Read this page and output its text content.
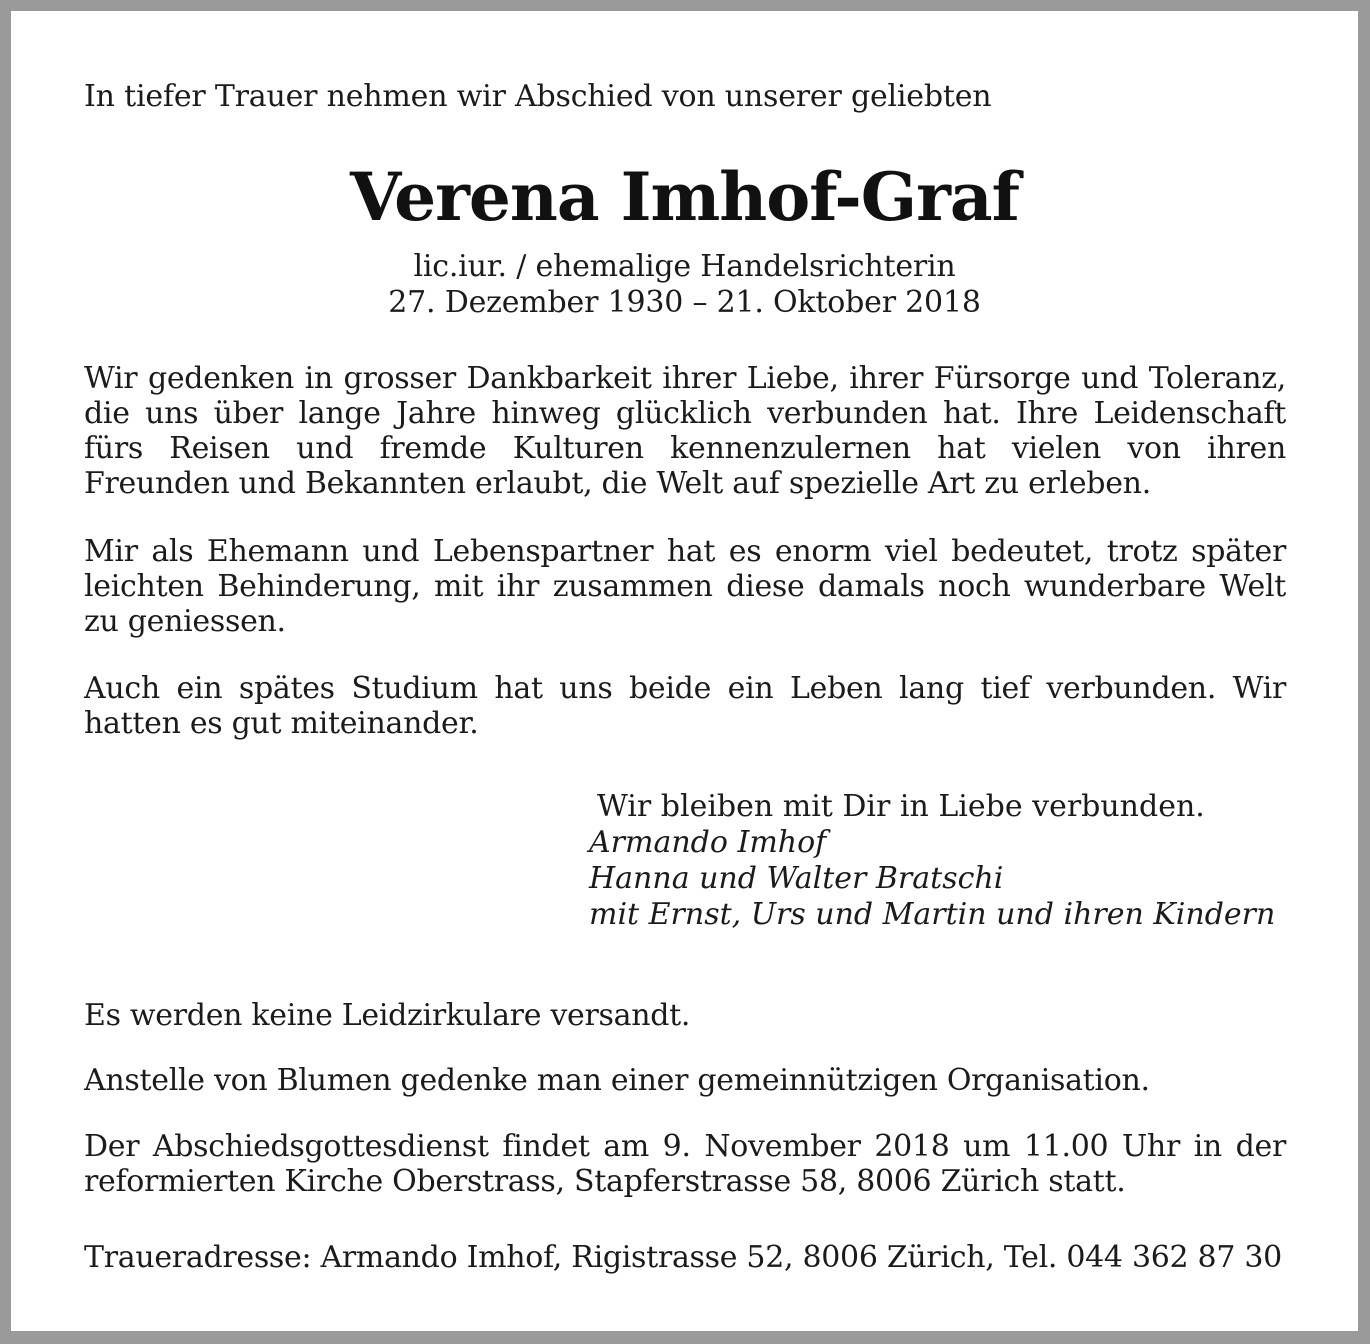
In tiefer Trauer nehmen wir Abschied von unserer geliebten
Verena Imhof-Graf
lic.iur. / ehemalige Handelsrichterin
27. Dezember 1930 – 21. Oktober 2018
Wir gedenken in grosser Dankbarkeit ihrer Liebe, ihrer Fürsorge und Toleranz, die uns über lange Jahre hinweg glücklich verbunden hat. Ihre Leidenschaft fürs Reisen und fremde Kulturen kennenzulernen hat vielen von ihren Freunden und Bekannten erlaubt, die Welt auf spezielle Art zu erleben.
Mir als Ehemann und Lebenspartner hat es enorm viel bedeutet, trotz später leichten Behinderung, mit ihr zusammen diese damals noch wunderbare Welt zu geniessen.
Auch ein spätes Studium hat uns beide ein Leben lang tief verbunden. Wir hatten es gut miteinander.
Wir bleiben mit Dir in Liebe verbunden.
Armando Imhof
Hanna und Walter Bratschi
mit Ernst, Urs und Martin und ihren Kindern
Es werden keine Leidzirkulare versandt.
Anstelle von Blumen gedenke man einer gemeinnützigen Organisation.
Der Abschiedsgottesdienst findet am 9. November 2018 um 11.00 Uhr in der reformierten Kirche Oberstrass, Stapferstrasse 58, 8006 Zürich statt.
Traueradresse: Armando Imhof, Rigistrasse 52, 8006 Zürich, Tel. 044 362 87 30
